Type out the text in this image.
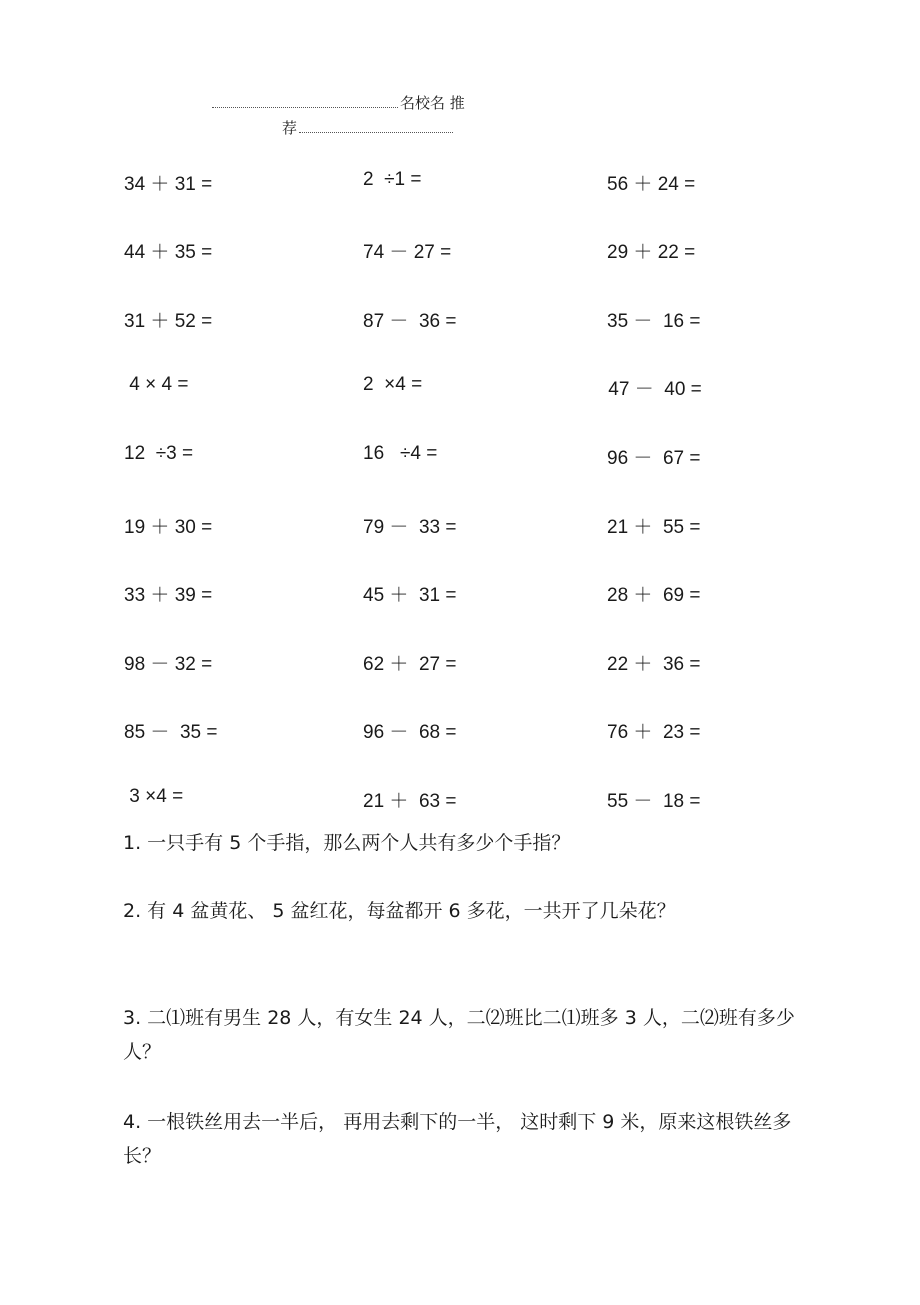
名校名 推
荐
34 ＋ 31 =	2  ÷1 =	56 ＋ 24 =
44 ＋ 35 =	74 － 27 =	29 ＋ 22 =
31 ＋ 52 =	87 －  36 =	35 －  16 =
4 × 4 =	2  ×4 =	47 －  40 =
12  ÷3 =	16   ÷4 =	96 －  67 =
19 ＋ 30 =	79 －  33 =	21 ＋  55 =
33 ＋ 39 =	45 ＋  31 =	28 ＋  69 =
98 － 32 =	62 ＋  27 =	22 ＋  36 =
85 －  35 =	96 －  68 =	76 ＋  23 =
3 ×4 =	21 ＋  63 =	55 －  18 =
1. 一只手有 5 个手指，那么两个人共有多少个手指？
2. 有 4 盆黄花、 5 盆红花，每盆都开 6 多花，一共开了几朵花？
3. 二⑴班有男生 28 人，有女生 24 人，二⑵班比二⑴班多 3 人，二⑵班有多少人？
4. 一根铁丝用去一半后， 再用去剩下的一半， 这时剩下 9 米，原来这根铁丝多长？
